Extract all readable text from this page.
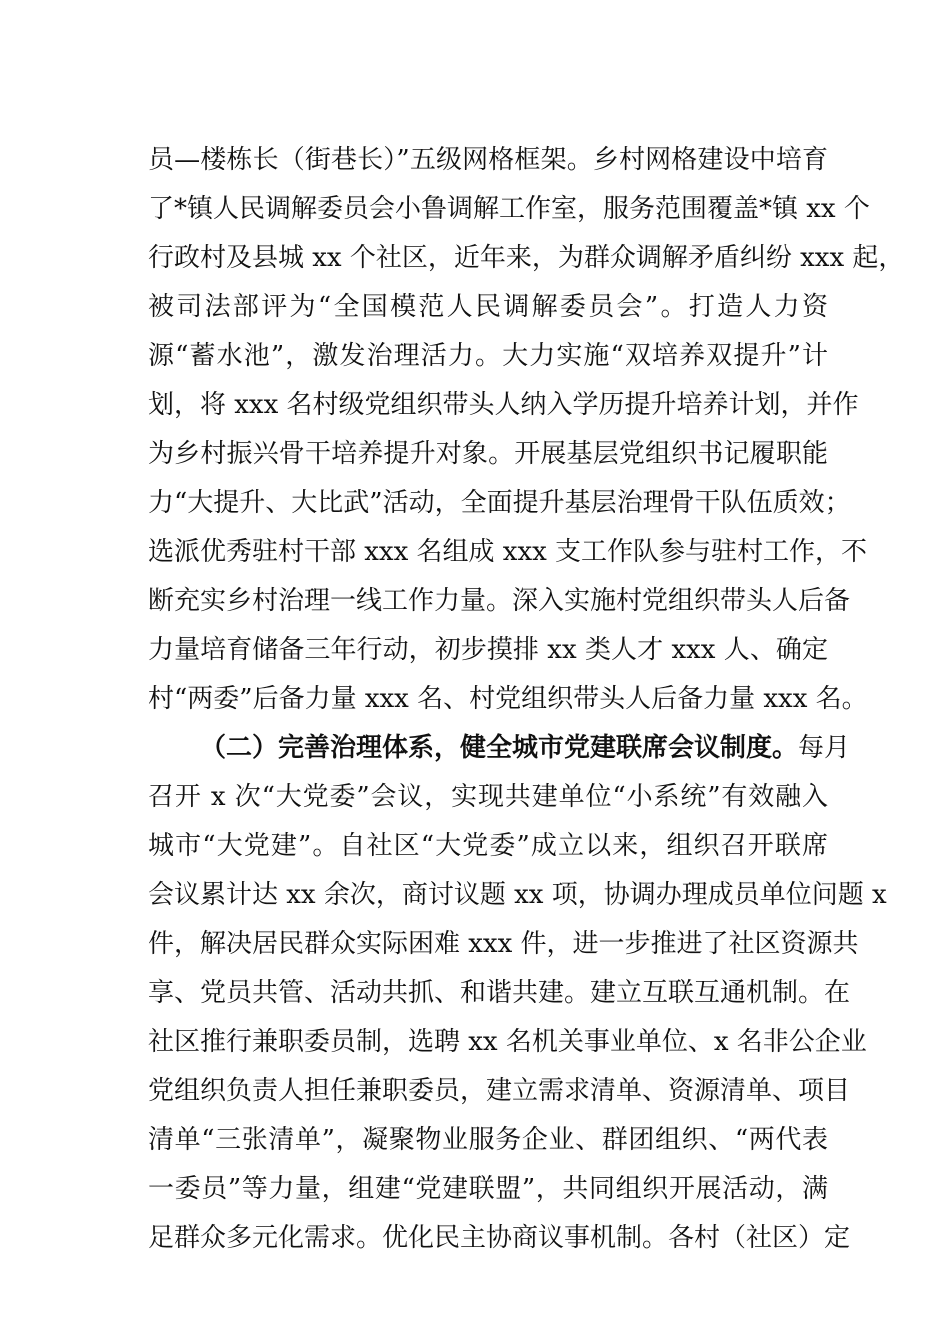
员—楼栋长（街巷长）”五级网格框架。乡村网格建设中培育
了*镇人民调解委员会小鲁调解工作室，服务范围覆盖*镇 xx 个
行政村及县城 xx 个社区，近年来，为群众调解矛盾纠纷 xxx 起，
被司法部评为“全国模范人民调解委员会”。打造人力资
源“蓄水池”，激发治理活力。大力实施“双培养双提升”计
划，将 xxx 名村级党组织带头人纳入学历提升培养计划，并作
为乡村振兴骨干培养提升对象。开展基层党组织书记履职能
力“大提升、大比武”活动，全面提升基层治理骨干队伍质效；
选派优秀驻村干部 xxx 名组成 xxx 支工作队参与驻村工作，不
断充实乡村治理一线工作力量。深入实施村党组织带头人后备
力量培育储备三年行动，初步摸排 xx 类人才 xxx 人、确定
村“两委”后备力量 xxx 名、村党组织带头人后备力量 xxx 名。
（二）完善治理体系，健全城市党建联席会议制度。每月
召开 x 次“大党委”会议，实现共建单位“小系统”有效融入
城市“大党建”。自社区“大党委”成立以来，组织召开联席
会议累计达 xx 余次，商讨议题 xx 项，协调办理成员单位问题 x
件，解决居民群众实际困难 xxx 件，进一步推进了社区资源共
享、党员共管、活动共抓、和谐共建。建立互联互通机制。在
社区推行兼职委员制，选聘 xx 名机关事业单位、x 名非公企业
党组织负责人担任兼职委员，建立需求清单、资源清单、项目
清单“三张清单”，凝聚物业服务企业、群团组织、“两代表
一委员”等力量，组建“党建联盟”，共同组织开展活动，满
足群众多元化需求。优化民主协商议事机制。各村（社区）定
